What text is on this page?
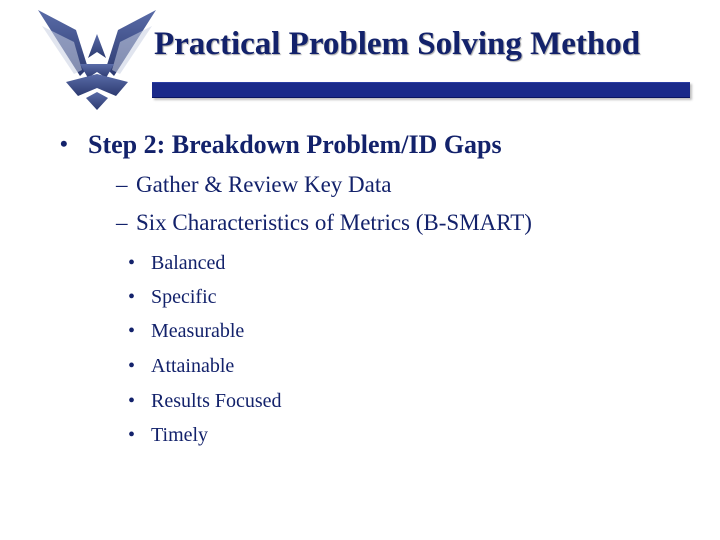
Practical Problem Solving Method
• Step 2: Breakdown Problem/ID Gaps
– Gather & Review Key Data
– Six Characteristics of Metrics (B-SMART)
• Balanced
• Specific
• Measurable
• Attainable
• Results Focused
• Timely
